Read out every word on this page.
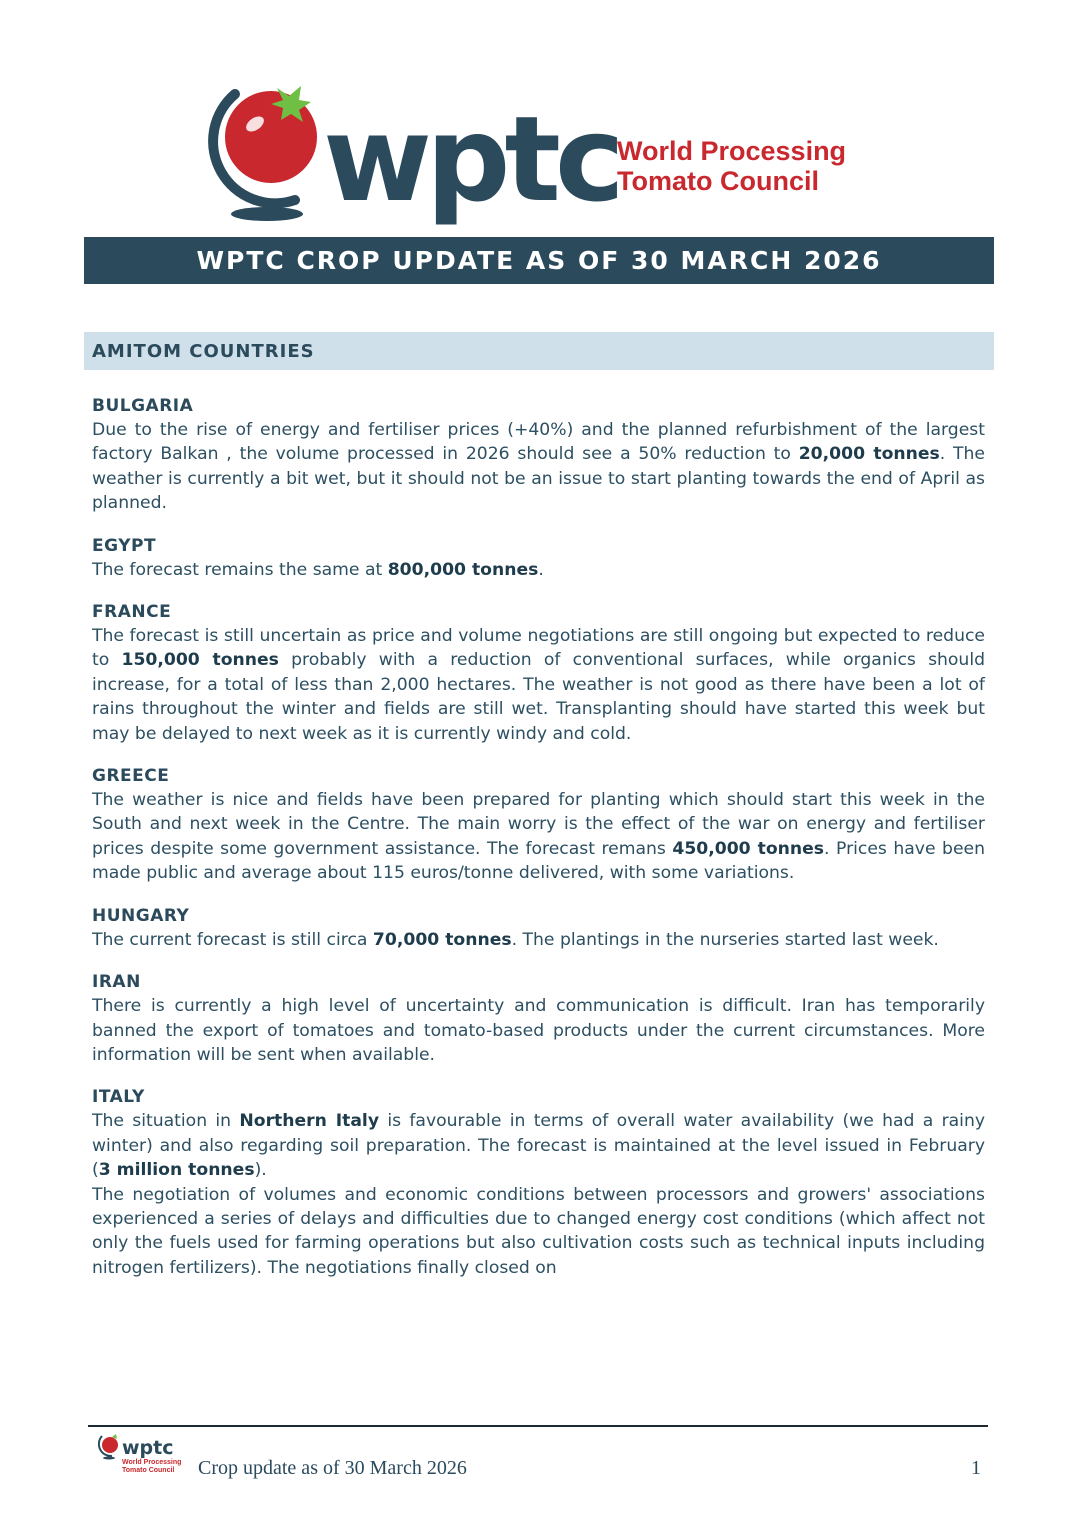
wptc
World Processing
Tomato Council
WPTC CROP UPDATE AS OF 30 MARCH 2026
AMITOM COUNTRIES
BULGARIA

Due to the rise of energy and fertiliser prices (+40%) and the planned refurbishment of the largest factory Balkan , the volume processed in 2026 should see a 50% reduction to 20,000 tonnes. The weather is currently a bit wet, but it should not be an issue to start planting towards the end of April as planned.

EGYPT

The forecast remains the same at 800,000 tonnes.

FRANCE

The forecast is still uncertain as price and volume negotiations are still ongoing but expected to reduce to 150,000 tonnes probably with a reduction of conventional surfaces, while organics should increase, for a total of less than 2,000 hectares. The weather is not good as there have been a lot of rains throughout the winter and fields are still wet. Transplanting should have started this week but may be delayed to next week as it is currently windy and cold.

GREECE

The weather is nice and fields have been prepared for planting which should start this week in the South and next week in the Centre. The main worry is the effect of the war on energy and fertiliser prices despite some government assistance. The forecast remans 450,000 tonnes. Prices have been made public and average about 115 euros/tonne delivered, with some variations.

HUNGARY

The current forecast is still circa 70,000 tonnes. The plantings in the nurseries started last week.

IRAN

There is currently a high level of uncertainty and communication is difficult. Iran has temporarily banned the export of tomatoes and tomato-based products under the current circumstances. More information will be sent when available.

ITALY

The situation in Northern Italy is favourable in terms of overall water availability (we had a rainy winter) and also regarding soil preparation. The forecast is maintained at the level issued in February (3 million tonnes).

The negotiation of volumes and economic conditions between processors and growers' associations experienced a series of delays and difficulties due to changed energy cost conditions (which affect not only the fuels used for farming operations but also cultivation costs such as technical inputs including nitrogen fertilizers). The negotiations finally closed on

wptc
World Processing
Tomato Council Crop update as of 30 March 2026	1
